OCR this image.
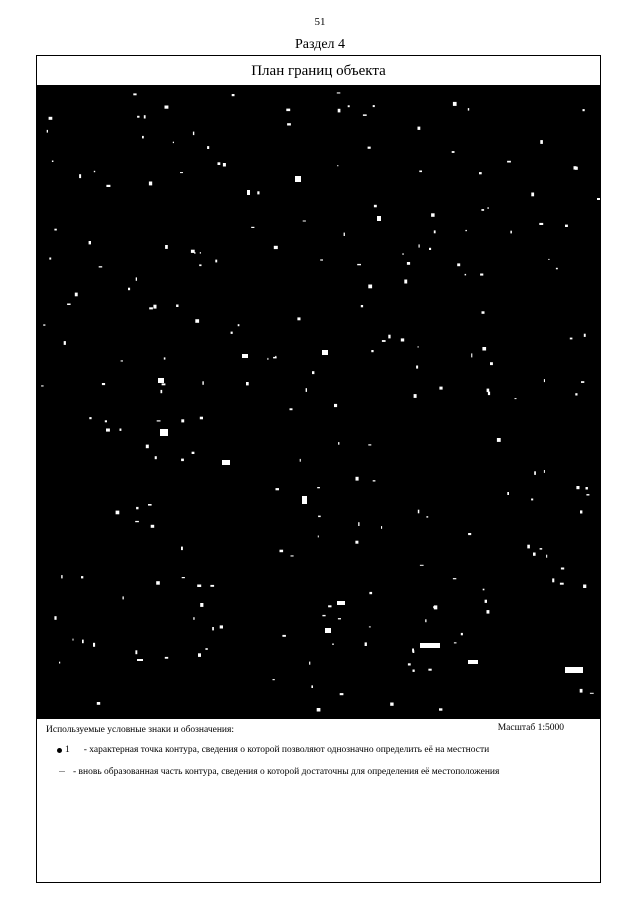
51
Раздел 4
План границ объекта
Используемые условные знаки и обозначения:	Масштаб 1:5000
1 - характерная точка контура, сведения о которой позволяют однозначно определить её на местности
- вновь образованная часть контура, сведения о которой достаточны для определения её местоположения
